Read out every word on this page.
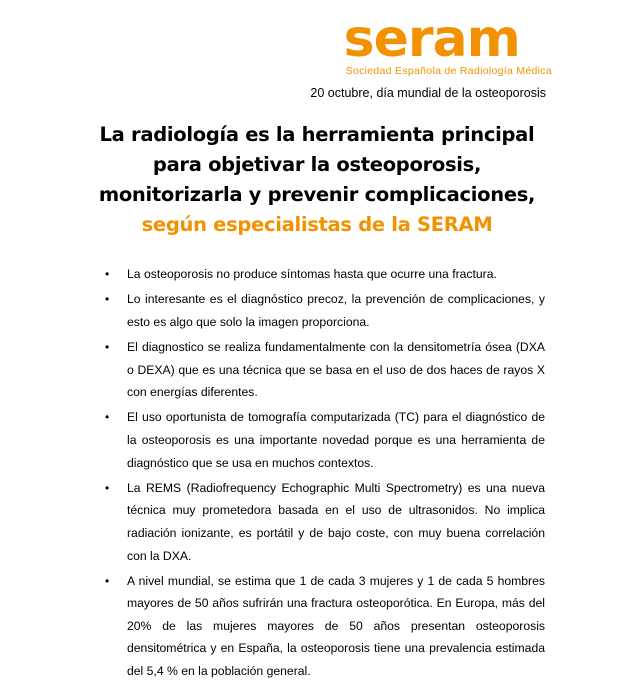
seram
Sociedad Española de Radiología Médica
20 octubre, día mundial de la osteoporosis
La radiología es la herramienta principal
para objetivar la osteoporosis,
monitorizarla y prevenir complicaciones,
según especialistas de la SERAM
• La osteoporosis no produce síntomas hasta que ocurre una fractura.
• Lo interesante es el diagnóstico precoz, la prevención de complicaciones, y esto es algo que solo la imagen proporciona.
• El diagnostico se realiza fundamentalmente con la densitometría ósea (DXA o DEXA) que es una técnica que se basa en el uso de dos haces de rayos X con energías diferentes.
• El uso oportunista de tomografía computarizada (TC) para el diagnóstico de la osteoporosis es una importante novedad porque es una herramienta de diagnóstico que se usa en muchos contextos.
• La REMS (Radiofrequency Echographic Multi Spectrometry) es una nueva técnica muy prometedora basada en el uso de ultrasonidos. No implica radiación ionizante, es portátil y de bajo coste, con muy buena correlación con la DXA.
• A nivel mundial, se estima que 1 de cada 3 mujeres y 1 de cada 5 hombres mayores de 50 años sufrirán una fractura osteoporótica. En Europa, más del 20% de las mujeres mayores de 50 años presentan osteoporosis densitométrica y en España, la osteoporosis tiene una prevalencia estimada del 5,4 % en la población general.
